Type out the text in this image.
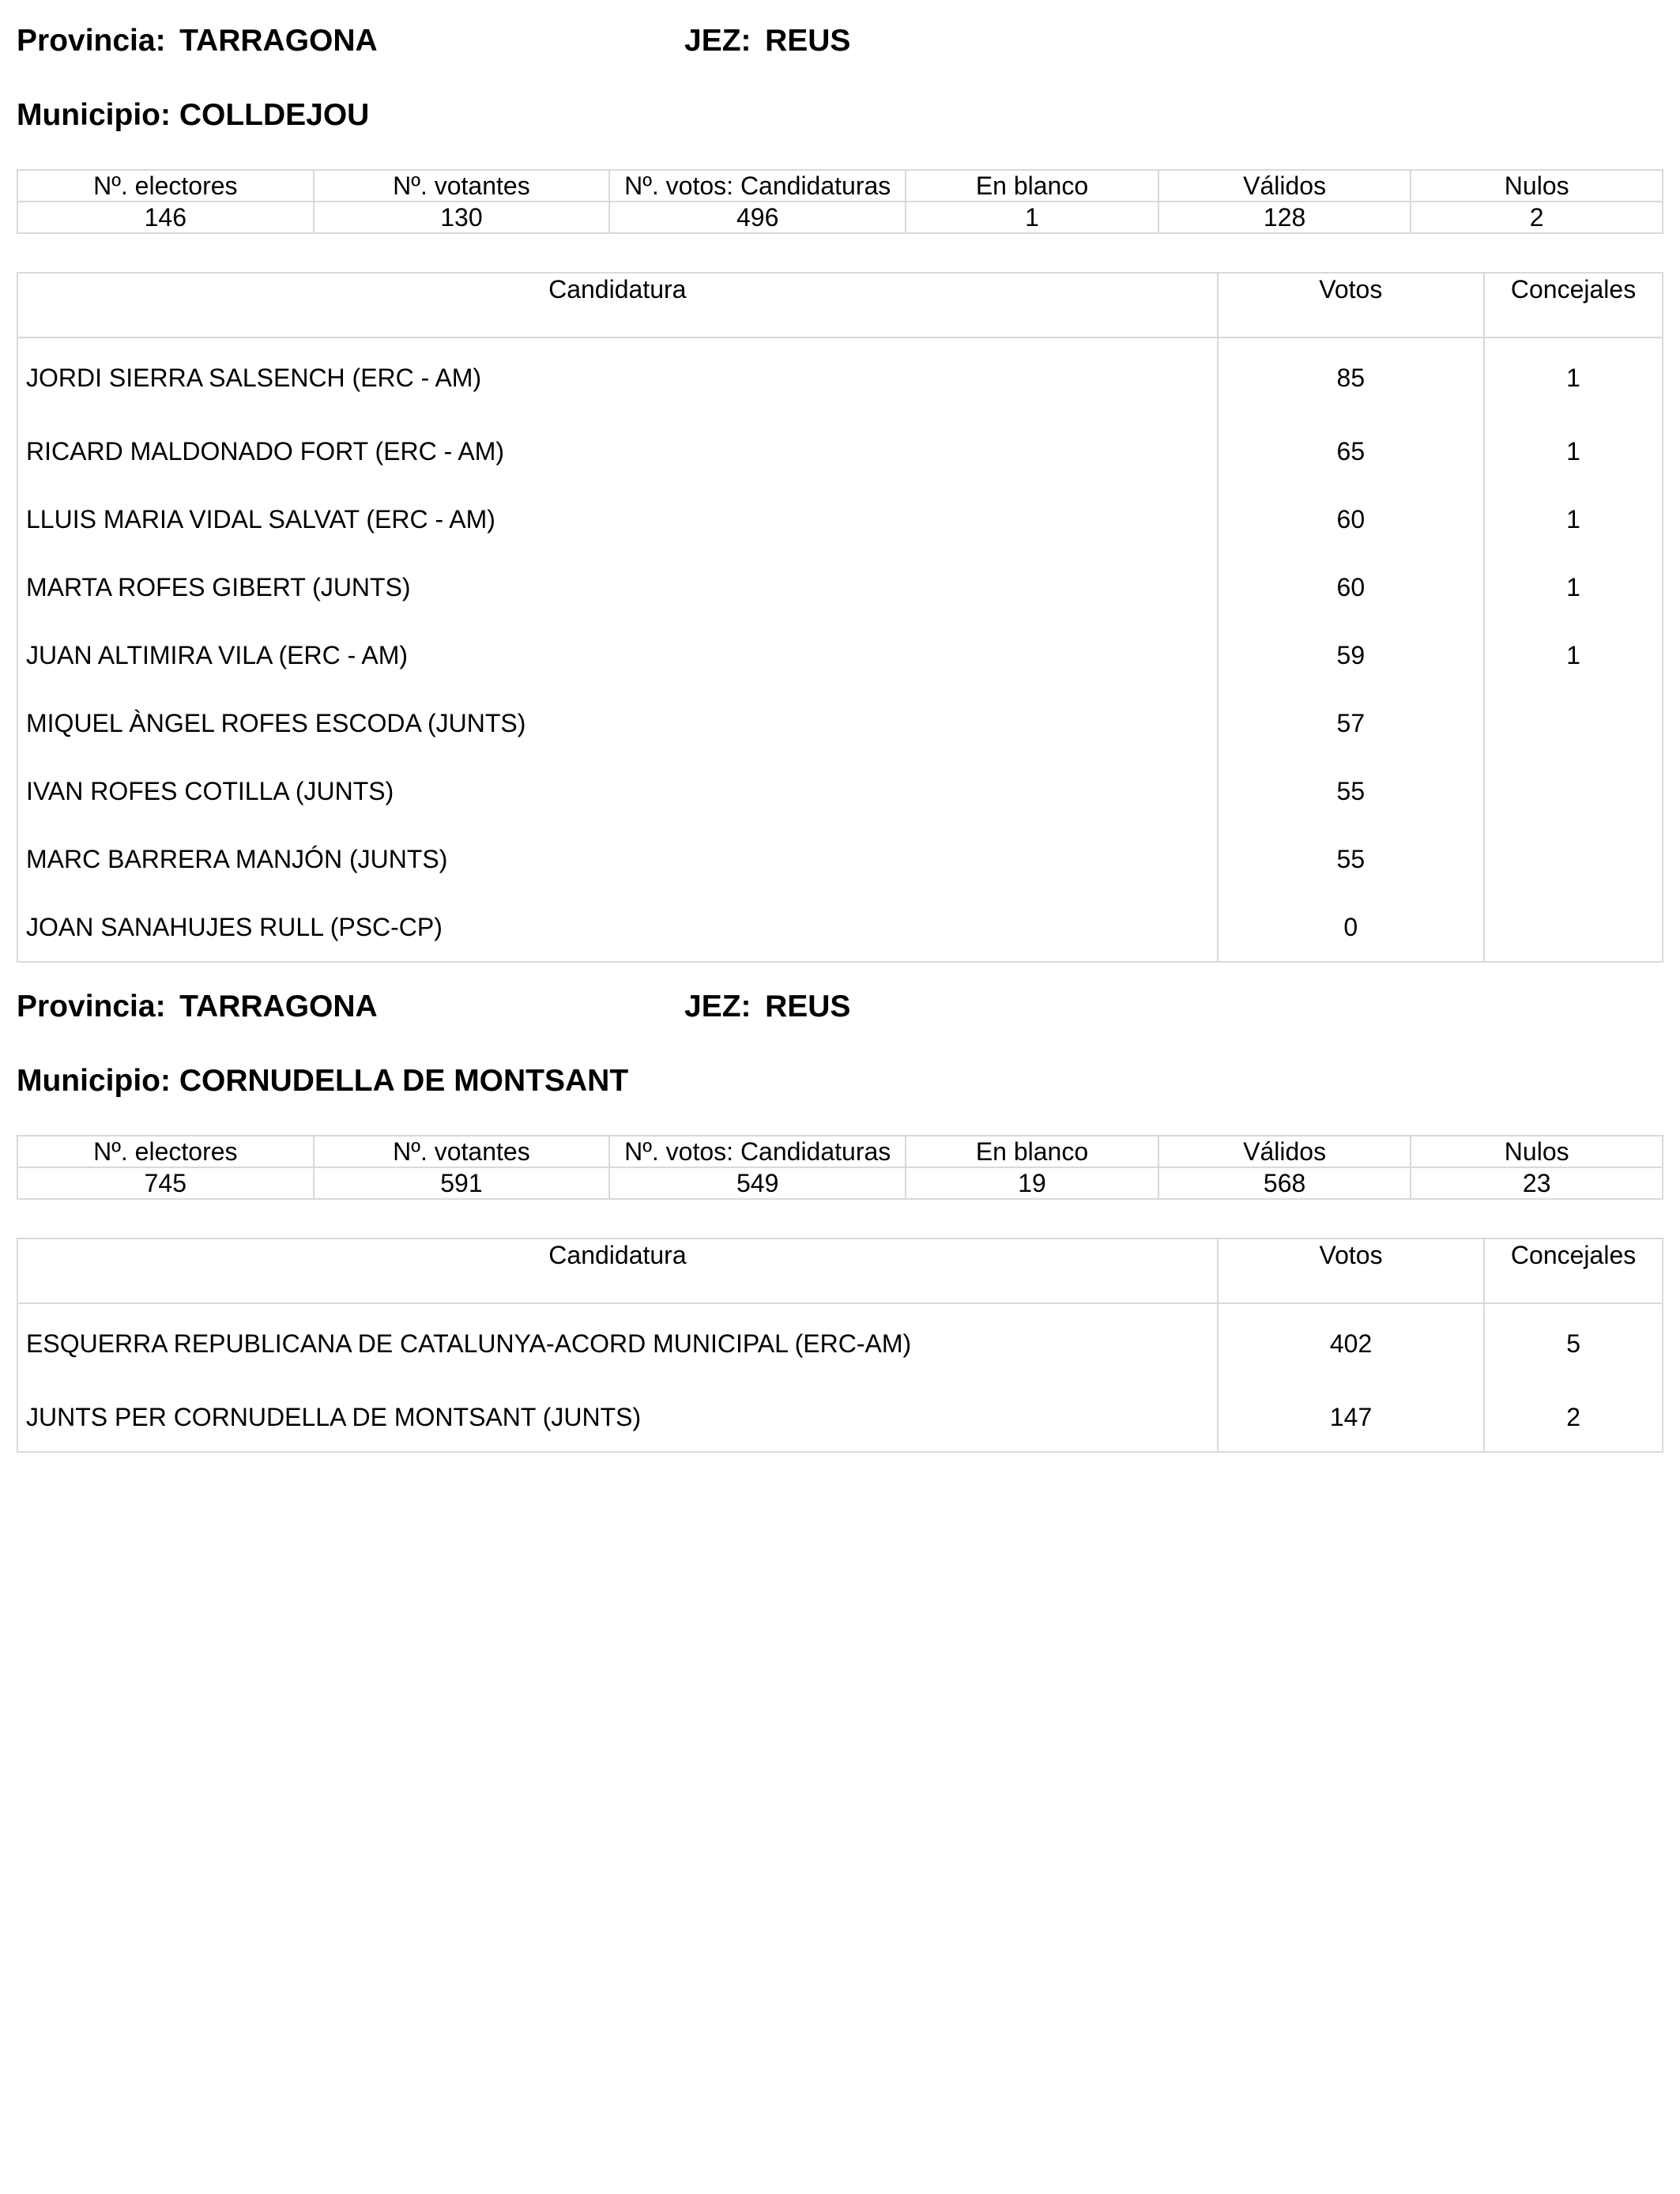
Provincia: TARRAGONA	JEZ: REUS
Municipio: COLLDEJOU
Nº. electores	Nº. votantes	Nº. votos: Candidaturas	En blanco	Válidos	Nulos
146	130	496	1	128	2
Candidatura	Votos	Concejales
JORDI SIERRA SALSENCH (ERC - AM)	85	1
RICARD MALDONADO FORT (ERC - AM)	65	1
LLUIS MARIA VIDAL SALVAT (ERC - AM)	60	1
MARTA ROFES GIBERT (JUNTS)	60	1
JUAN ALTIMIRA VILA (ERC - AM)	59	1
MIQUEL ÀNGEL ROFES ESCODA (JUNTS)	57	
IVAN ROFES COTILLA (JUNTS)	55	
MARC BARRERA MANJÓN (JUNTS)	55	
JOAN SANAHUJES RULL (PSC-CP)	0	
Provincia: TARRAGONA	JEZ: REUS
Municipio: CORNUDELLA DE MONTSANT
Nº. electores	Nº. votantes	Nº. votos: Candidaturas	En blanco	Válidos	Nulos
745	591	549	19	568	23
Candidatura	Votos	Concejales
ESQUERRA REPUBLICANA DE CATALUNYA-ACORD MUNICIPAL (ERC-AM)	402	5
JUNTS PER CORNUDELLA DE MONTSANT (JUNTS)	147	2
